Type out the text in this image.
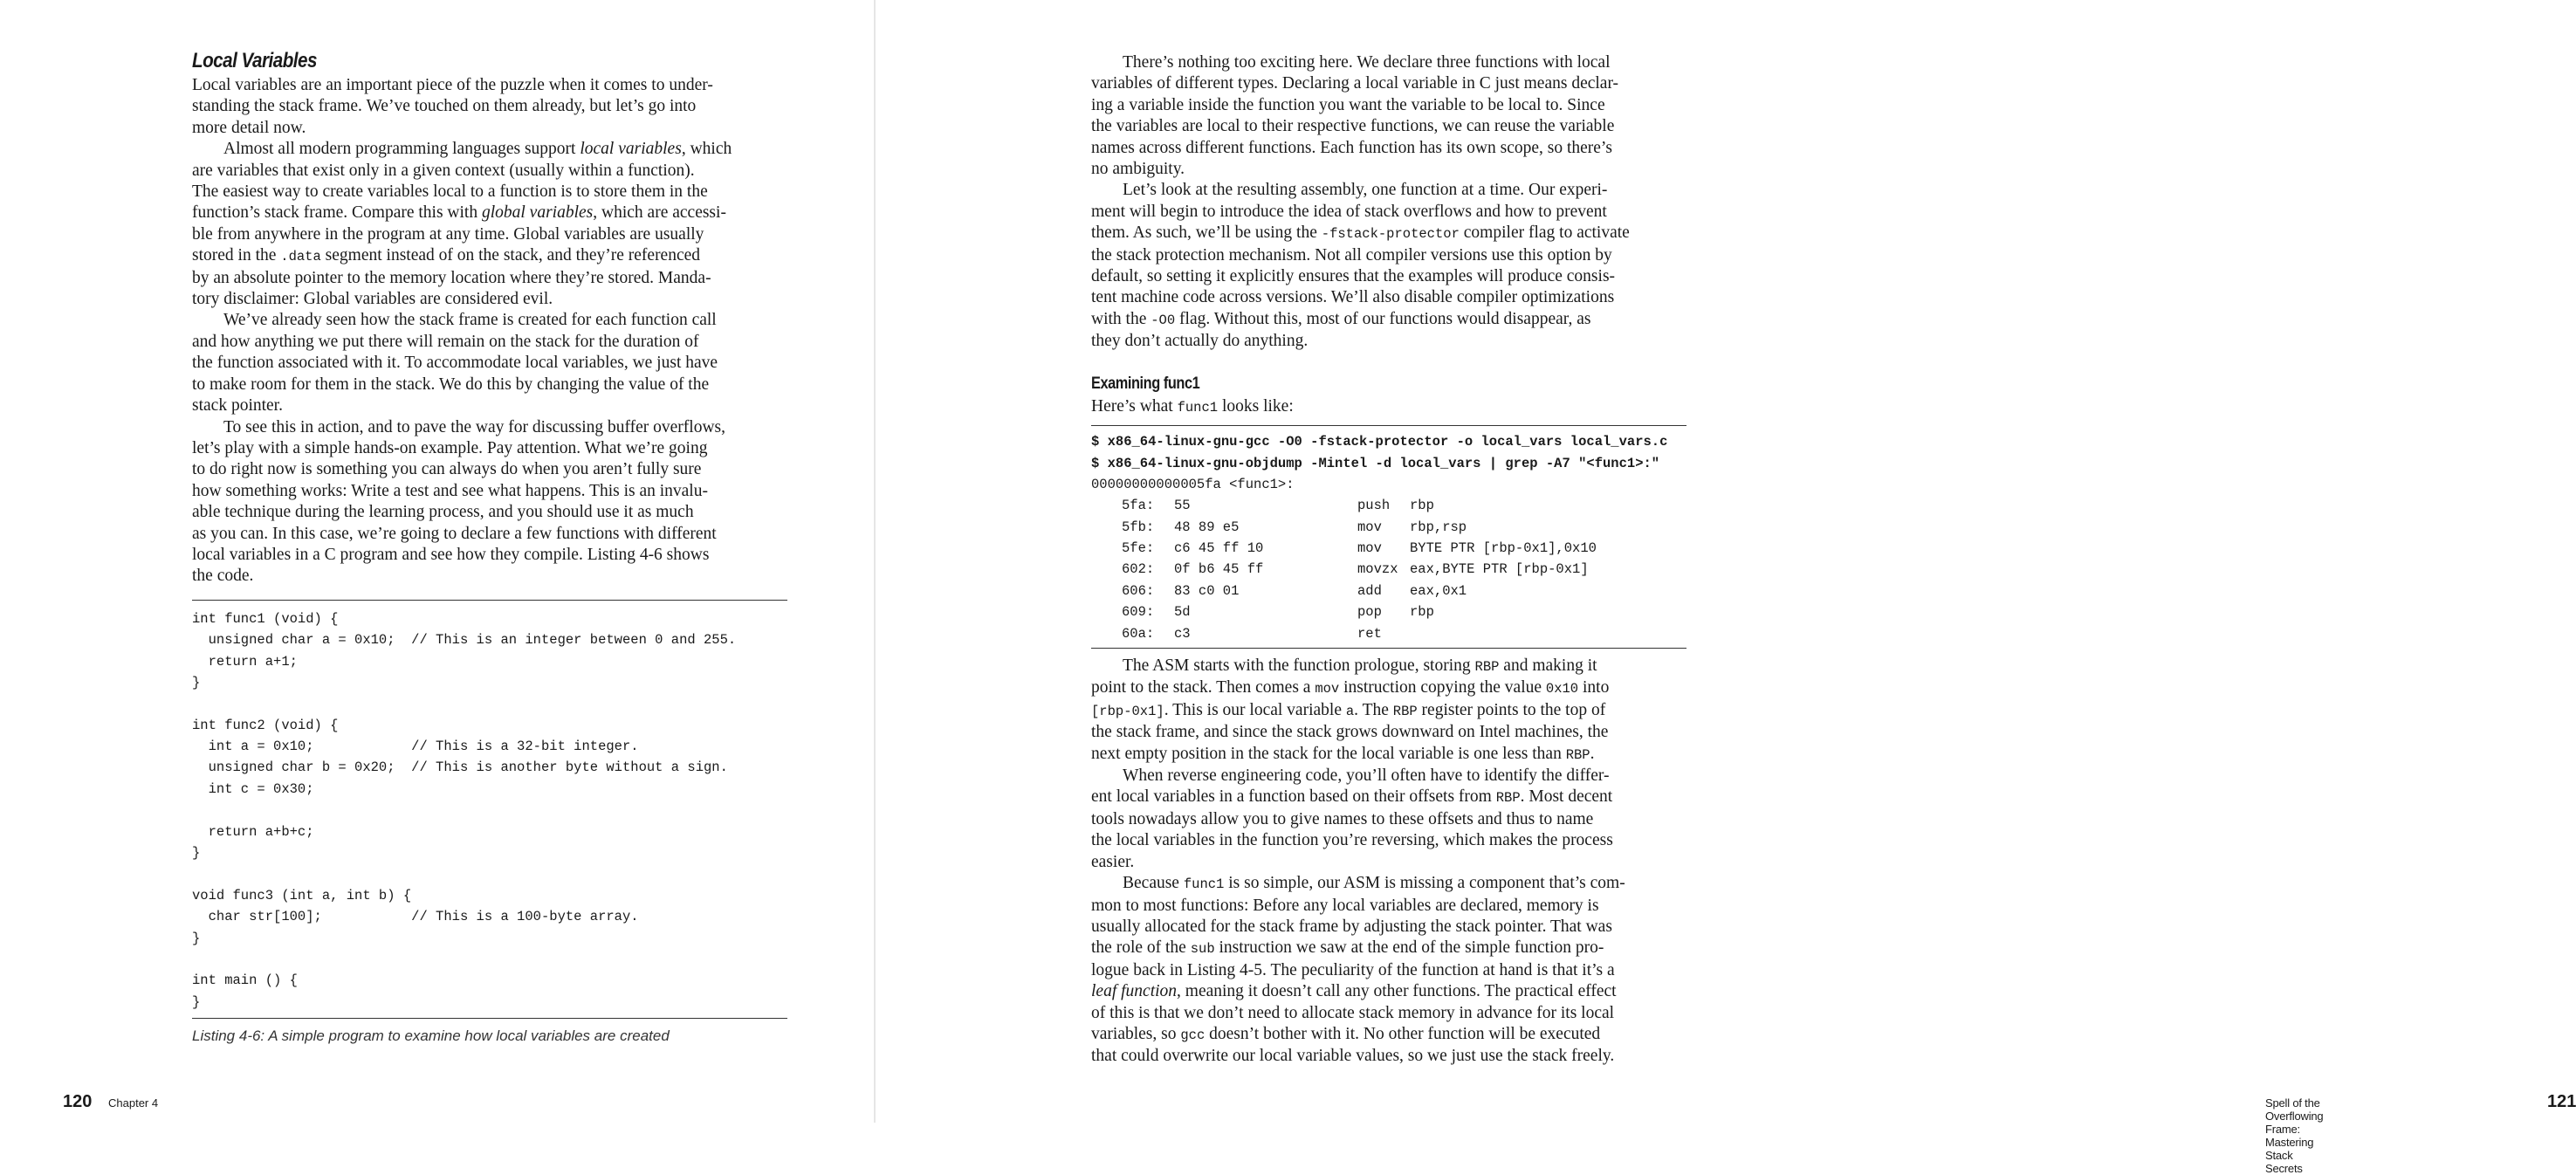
Local Variables
Local variables are an important piece of the puzzle when it comes to under-
standing the stack frame. We’ve touched on them already, but let’s go into
more detail now.
Almost all modern programming languages support local variables, which
are variables that exist only in a given context (usually within a function).
The easiest way to create variables local to a function is to store them in the
function’s stack frame. Compare this with global variables, which are accessi-
ble from anywhere in the program at any time. Global variables are usually
stored in the .data segment instead of on the stack, and they’re referenced
by an absolute pointer to the memory location where they’re stored. Manda-
tory disclaimer: Global variables are considered evil.
We’ve already seen how the stack frame is created for each function call
and how anything we put there will remain on the stack for the duration of
the function associated with it. To accommodate local variables, we just have
to make room for them in the stack. We do this by changing the value of the
stack pointer.
To see this in action, and to pave the way for discussing buffer overflows,
let’s play with a simple hands-on example. Pay attention. What we’re going
to do right now is something you can always do when you aren’t fully sure
how something works: Write a test and see what happens. This is an invalu-
able technique during the learning process, and you should use it as much
as you can. In this case, we’re going to declare a few functions with different
local variables in a C program and see how they compile. Listing 4-6 shows
the code.
int func1 (void) {
unsigned char a = 0x10;  // This is an integer between 0 and 255.
return a+1;
}
int func2 (void) {
int a = 0x10;            // This is a 32-bit integer.
unsigned char b = 0x20;  // This is another byte without a sign.
int c = 0x30;
return a+b+c;
}
void func3 (int a, int b) {
char str[100];           // This is a 100-byte array.
}
int main () {
}
Listing 4-6: A simple program to examine how local variables are created
120 Chapter 4
There’s nothing too exciting here. We declare three functions with local
variables of different types. Declaring a local variable in C just means declar-
ing a variable inside the function you want the variable to be local to. Since
the variables are local to their respective functions, we can reuse the variable
names across different functions. Each function has its own scope, so there’s
no ambiguity.
Let’s look at the resulting assembly, one function at a time. Our experi-
ment will begin to introduce the idea of stack overflows and how to prevent
them. As such, we’ll be using the -fstack-protector compiler flag to activate
the stack protection mechanism. Not all compiler versions use this option by
default, so setting it explicitly ensures that the examples will produce consis-
tent machine code across versions. We’ll also disable compiler optimizations
with the -O0 flag. Without this, most of our functions would disappear, as
they don’t actually do anything.
Examining func1
Here’s what func1 looks like:
$ x86_64-linux-gnu-gcc -O0 -fstack-protector -o local_vars local_vars.c
$ x86_64-linux-gnu-objdump -Mintel -d local_vars | grep -A7 "<func1>:"
00000000000005fa <func1>:
5fa:	55	push	rbp
5fb:	48 89 e5	mov	rbp,rsp
5fe:	c6 45 ff 10	mov	BYTE PTR [rbp-0x1],0x10
602:	0f b6 45 ff	movzx eax,BYTE PTR [rbp-0x1]
606:	83 c0 01	add	eax,0x1
609:	5d	pop	rbp
60a:	c3	ret
The ASM starts with the function prologue, storing RBP and making it
point to the stack. Then comes a mov instruction copying the value 0x10 into
[rbp-0x1]. This is our local variable a. The RBP register points to the top of
the stack frame, and since the stack grows downward on Intel machines, the
next empty position in the stack for the local variable is one less than RBP.
When reverse engineering code, you’ll often have to identify the differ-
ent local variables in a function based on their offsets from RBP. Most decent
tools nowadays allow you to give names to these offsets and thus to name
the local variables in the function you’re reversing, which makes the process
easier.
Because func1 is so simple, our ASM is missing a component that’s com-
mon to most functions: Before any local variables are declared, memory is
usually allocated for the stack frame by adjusting the stack pointer. That was
the role of the sub instruction we saw at the end of the simple function pro-
logue back in Listing 4-5. The peculiarity of the function at hand is that it’s a
leaf function, meaning it doesn’t call any other functions. The practical effect
of this is that we don’t need to allocate stack memory in advance for its local
variables, so gcc doesn’t bother with it. No other function will be executed
that could overwrite our local variable values, so we just use the stack freely.
Spell of the Overflowing Frame: Mastering Stack Secrets
121
